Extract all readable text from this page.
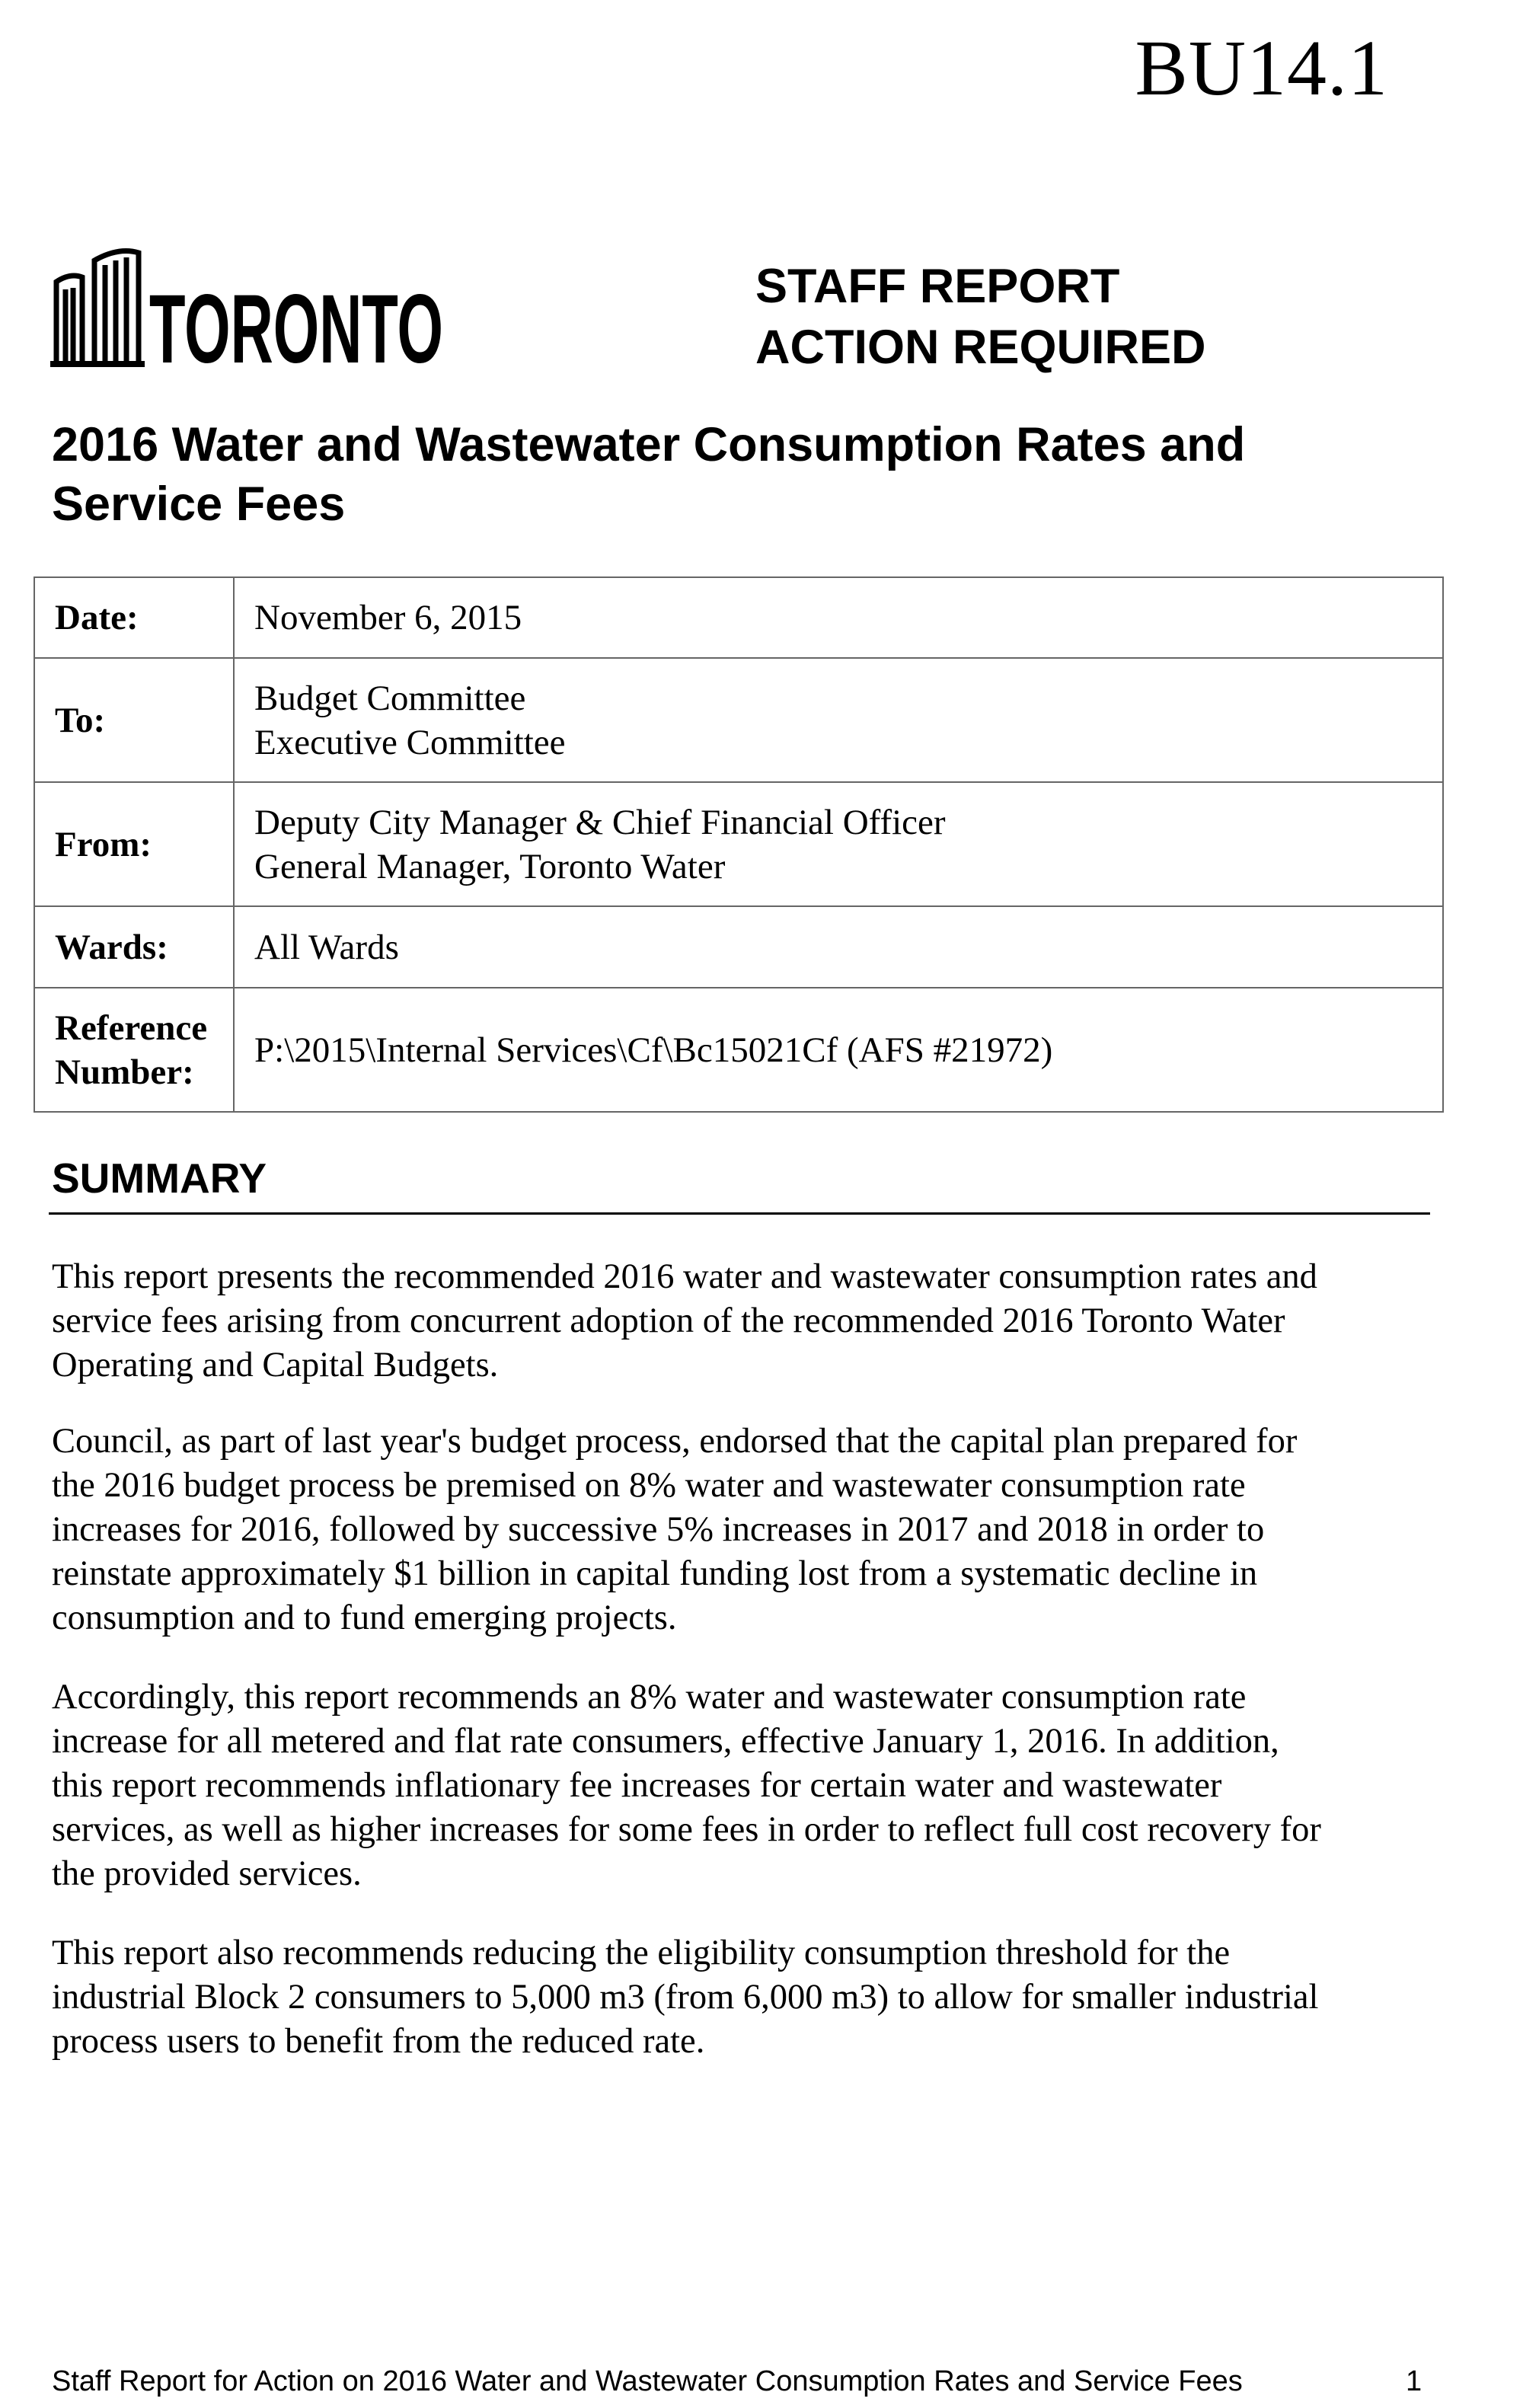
BU14.1
TORONTO	STAFF REPORT
ACTION REQUIRED
2016 Water and Wastewater Consumption Rates and
Service Fees
Date:	November 6, 2015
To:	Budget Committee
Executive Committee

From:	Deputy City Manager & Chief Financial Officer
General Manager, Toronto Water

Wards:	All Wards

Reference
Number:	P:\2015\Internal Services\Cf\Bc15021Cf (AFS #21972)
SUMMARY

This report presents the recommended 2016 water and wastewater consumption rates and
service fees arising from concurrent adoption of the recommended 2016 Toronto Water
Operating and Capital Budgets.

Council, as part of last year's budget process, endorsed that the capital plan prepared for
the 2016 budget process be premised on 8% water and wastewater consumption rate
increases for 2016, followed by successive 5% increases in 2017 and 2018 in order to
reinstate approximately $1 billion in capital funding lost from a systematic decline in
consumption and to fund emerging projects.

Accordingly, this report recommends an 8% water and wastewater consumption rate
increase for all metered and flat rate consumers, effective January 1, 2016. In addition,
this report recommends inflationary fee increases for certain water and wastewater
services, as well as higher increases for some fees in order to reflect full cost recovery for
the provided services.

This report also recommends reducing the eligibility consumption threshold for the
industrial Block 2 consumers to 5,000 m3 (from 6,000 m3) to allow for smaller industrial
process users to benefit from the reduced rate.

Staff Report for Action on 2016 Water and Wastewater Consumption Rates and Service Fees	1
